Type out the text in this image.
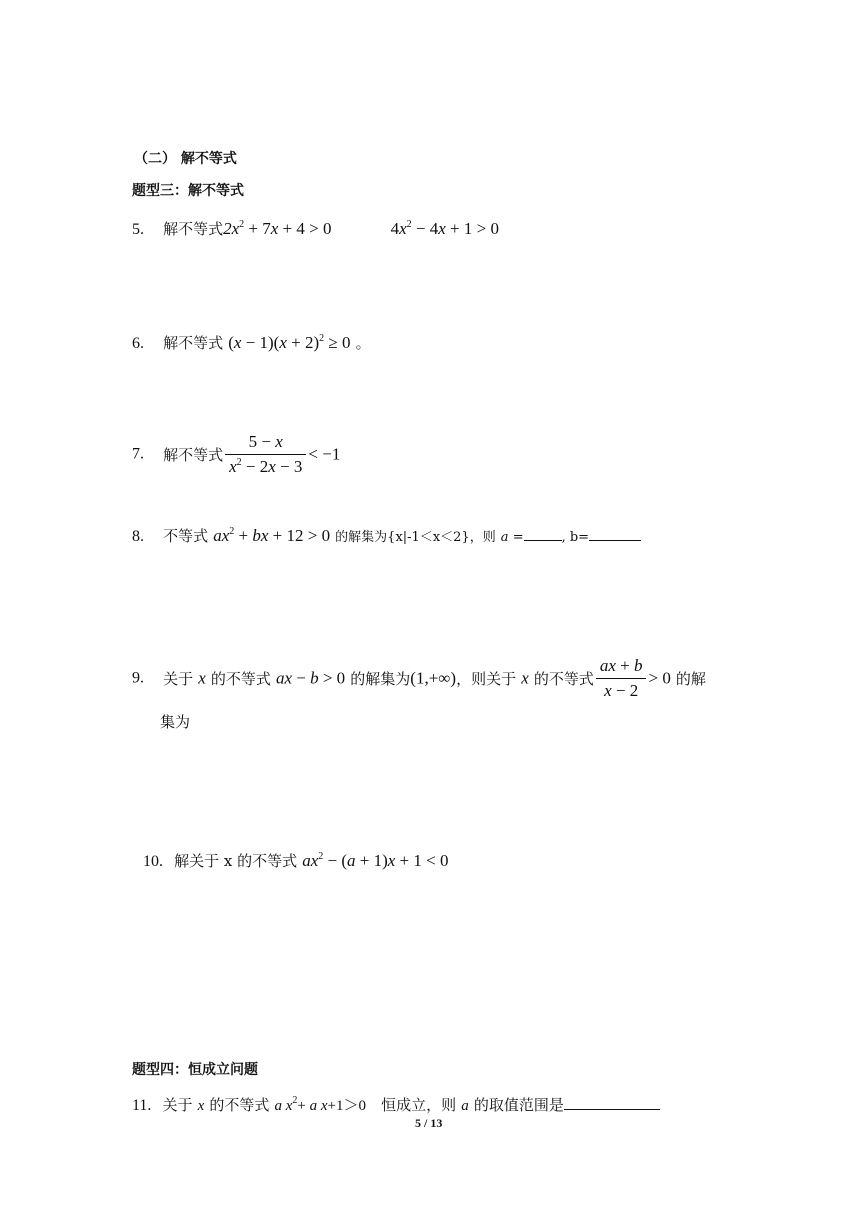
（二） 解不等式
题型三：解不等式
5. 解不等式$2x^2 + 7x + 4 > 0$	$4x^2 - 4x + 1 > 0$
6. 解不等式 $(x - 1)(x + 2)^2 \ge 0$ 。
7. 解不等式 $\frac{5 - x}{x^2 - 2x - 3} < -1$
8. 不等式 $ax^2$ + bx + 12 > 0 的解集为{x|-1＜x＜2}，则 a =	, b=
9. 关于 x 的不等式 ax − b > 0 的解集为(1,+∞)，则关于 x 的不等式 $\frac{ax + b}{x - 2} > 0$ 的解
集为
10. 解关于 x 的不等式 $ax^2 - (a + 1)x + 1 < 0$
题型四：恒成立问题
11. 关于 x 的不等式 a $x^2+ a$ x+1＞0 恒成立，则 a 的取值范围是
5 / 13
